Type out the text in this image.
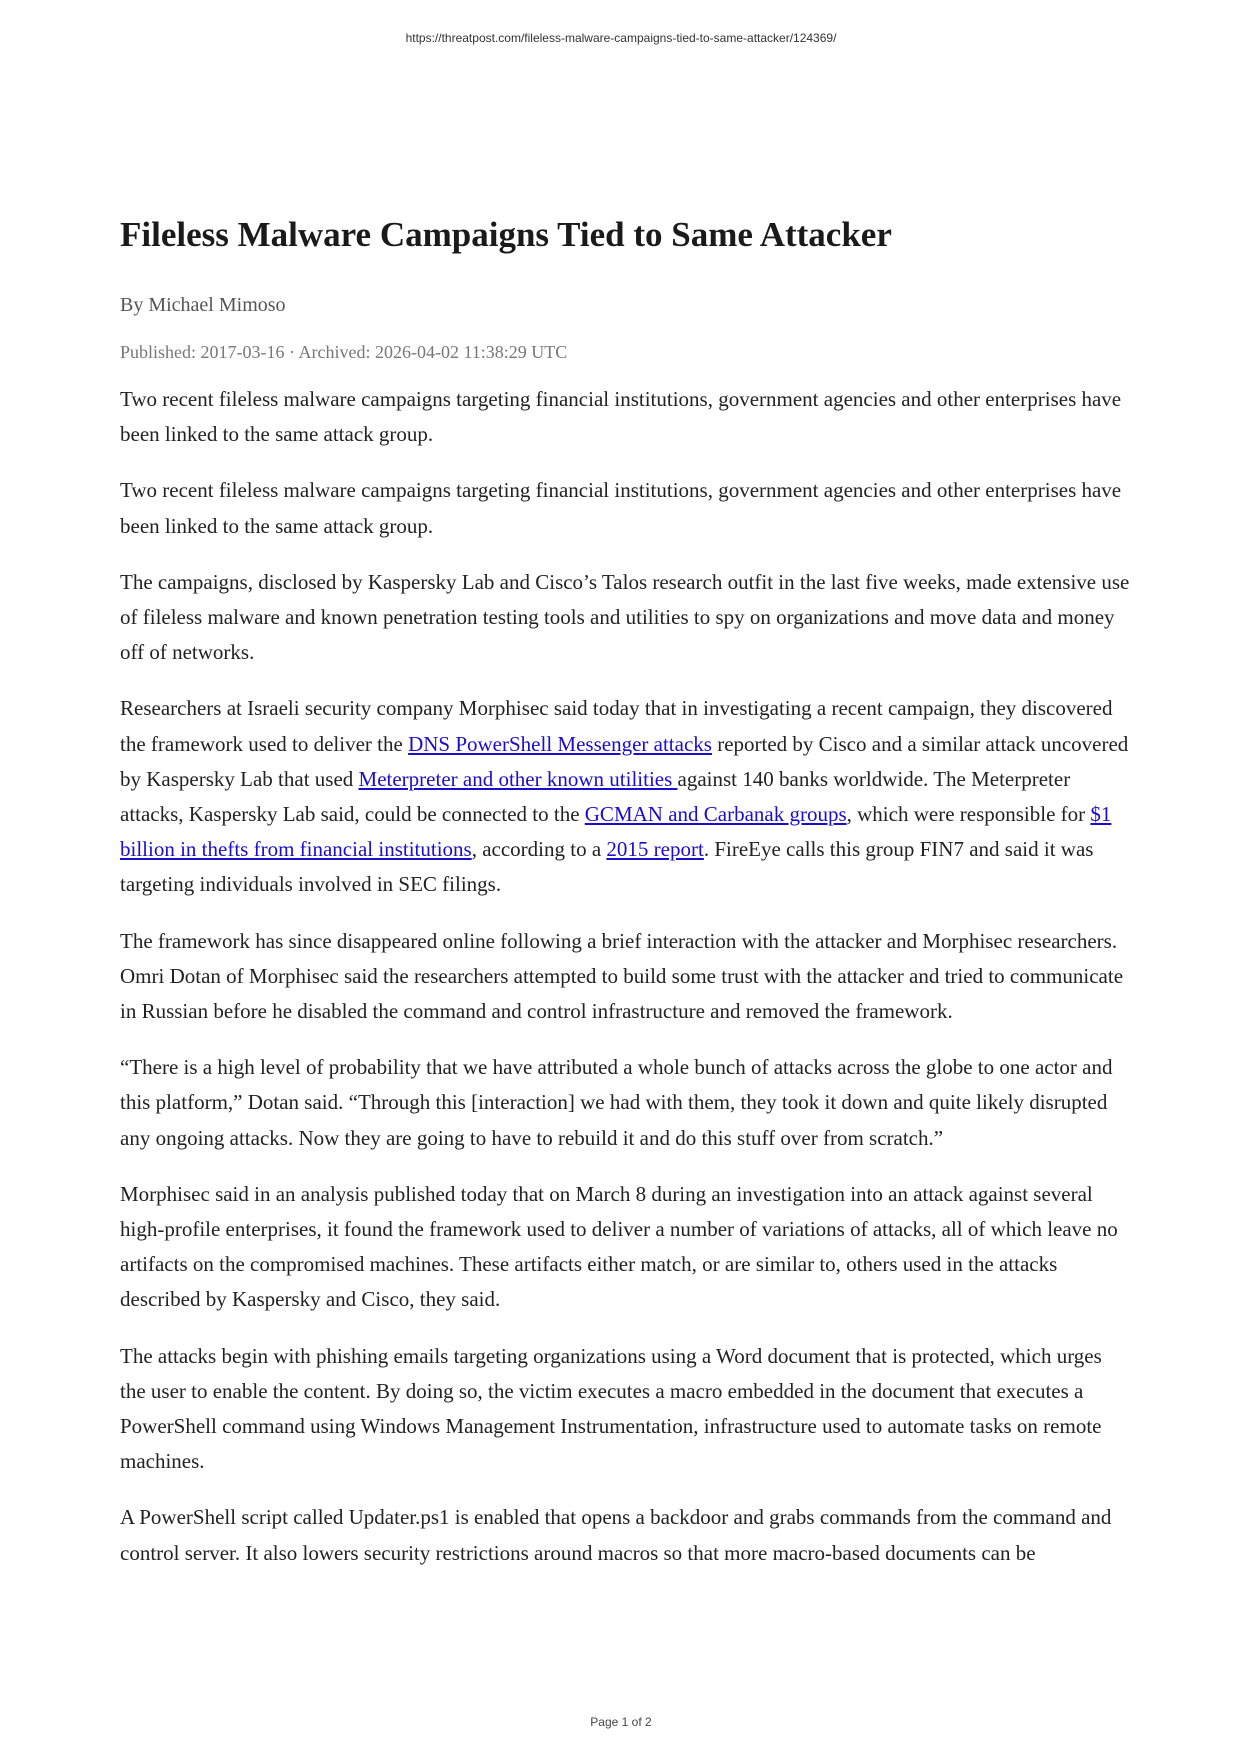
https://threatpost.com/fileless-malware-campaigns-tied-to-same-attacker/124369/
Fileless Malware Campaigns Tied to Same Attacker
By Michael Mimoso
Published: 2017-03-16 · Archived: 2026-04-02 11:38:29 UTC

Two recent fileless malware campaigns targeting financial institutions, government agencies and other enterprises have been linked to the same attack group.

Two recent fileless malware campaigns targeting financial institutions, government agencies and other enterprises have been linked to the same attack group.

The campaigns, disclosed by Kaspersky Lab and Cisco’s Talos research outfit in the last five weeks, made extensive use of fileless malware and known penetration testing tools and utilities to spy on organizations and move data and money off of networks.

Researchers at Israeli security company Morphisec said today that in investigating a recent campaign, they discovered the framework used to deliver the DNS PowerShell Messenger attacks reported by Cisco and a similar attack uncovered by Kaspersky Lab that used Meterpreter and other known utilities against 140 banks worldwide. The Meterpreter attacks, Kaspersky Lab said, could be connected to the GCMAN and Carbanak groups, which were responsible for $1 billion in thefts from financial institutions, according to a 2015 report. FireEye calls this group FIN7 and said it was targeting individuals involved in SEC filings.

The framework has since disappeared online following a brief interaction with the attacker and Morphisec researchers. Omri Dotan of Morphisec said the researchers attempted to build some trust with the attacker and tried to communicate in Russian before he disabled the command and control infrastructure and removed the framework.

“There is a high level of probability that we have attributed a whole bunch of attacks across the globe to one actor and this platform,” Dotan said. “Through this [interaction] we had with them, they took it down and quite likely disrupted any ongoing attacks. Now they are going to have to rebuild it and do this stuff over from scratch.”

Morphisec said in an analysis published today that on March 8 during an investigation into an attack against several high-profile enterprises, it found the framework used to deliver a number of variations of attacks, all of which leave no artifacts on the compromised machines. These artifacts either match, or are similar to, others used in the attacks described by Kaspersky and Cisco, they said.

The attacks begin with phishing emails targeting organizations using a Word document that is protected, which urges the user to enable the content. By doing so, the victim executes a macro embedded in the document that executes a PowerShell command using Windows Management Instrumentation, infrastructure used to automate tasks on remote machines.

A PowerShell script called Updater.ps1 is enabled that opens a backdoor and grabs commands from the command and control server. It also lowers security restrictions around macros so that more macro-based documents can be

Page 1 of 2
